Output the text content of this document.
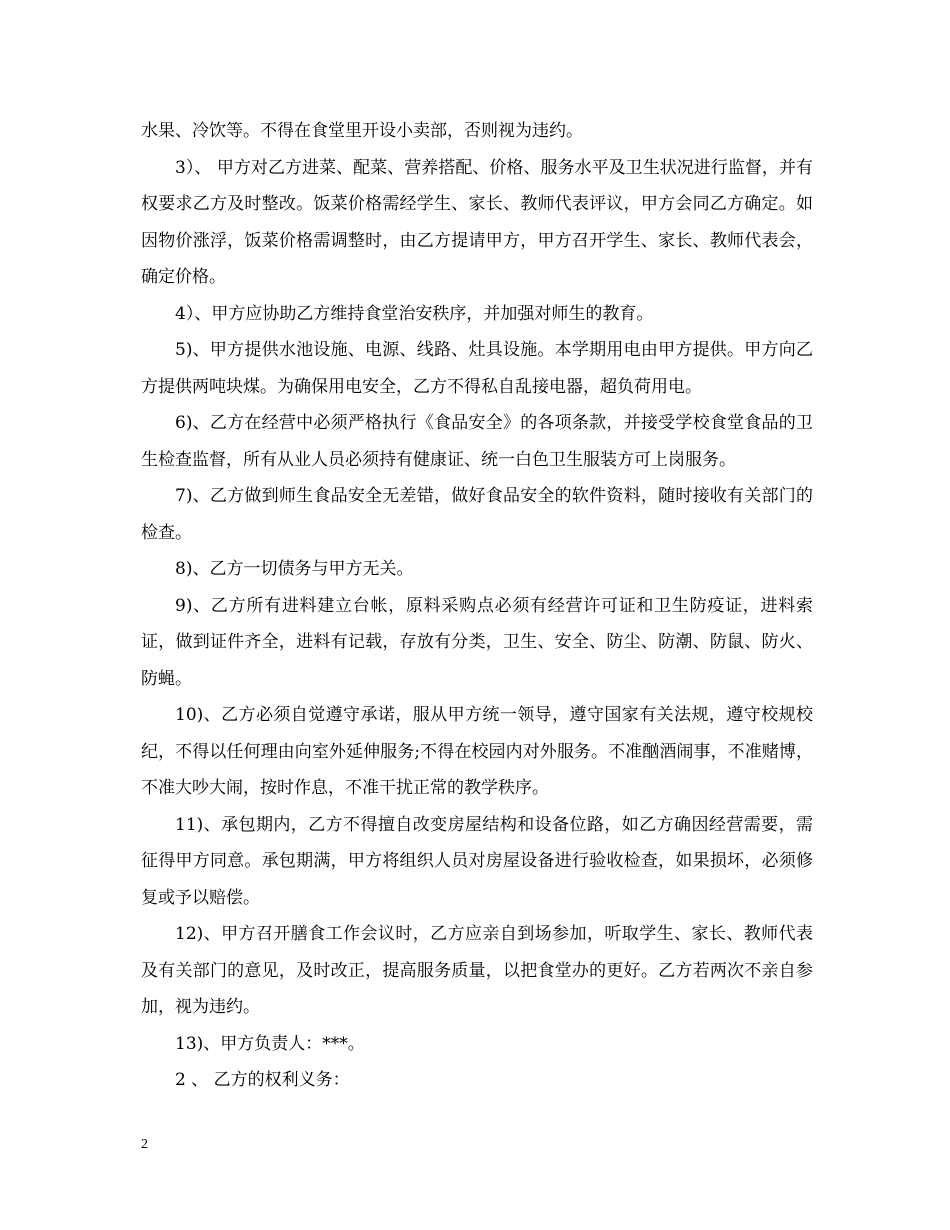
水果、冷饮等。不得在食堂里开设小卖部，否则视为违约。

3）、 甲方对乙方进菜、配菜、营养搭配、价格、服务水平及卫生状况进行监督，并有权要求乙方及时整改。饭菜价格需经学生、家长、教师代表评议，甲方会同乙方确定。如因物价涨浮，饭菜价格需调整时，由乙方提请甲方，甲方召开学生、家长、教师代表会，确定价格。

4）、甲方应协助乙方维持食堂治安秩序，并加强对师生的教育。

5)、甲方提供水池设施、电源、线路、灶具设施。本学期用电由甲方提供。甲方向乙方提供两吨块煤。为确保用电安全，乙方不得私自乱接电器，超负荷用电。

6)、乙方在经营中必须严格执行《食品安全》的各项条款，并接受学校食堂食品的卫生检查监督，所有从业人员必须持有健康证、统一白色卫生服装方可上岗服务。

7)、乙方做到师生食品安全无差错，做好食品安全的软件资料，随时接收有关部门的检查。

8)、乙方一切债务与甲方无关。

9)、乙方所有进料建立台帐，原料采购点必须有经营许可证和卫生防疫证，进料索证，做到证件齐全，进料有记载，存放有分类，卫生、安全、防尘、防潮、防鼠、防火、防蝇。

10)、乙方必须自觉遵守承诺，服从甲方统一领导，遵守国家有关法规，遵守校规校纪，不得以任何理由向室外延伸服务;不得在校园内对外服务。不准酗酒闹事，不准赌博，不准大吵大闹，按时作息，不准干扰正常的教学秩序。

11)、承包期内，乙方不得擅自改变房屋结构和设备位路，如乙方确因经营需要，需征得甲方同意。承包期满，甲方将组织人员对房屋设备进行验收检查，如果损坏，必须修复或予以赔偿。

12)、甲方召开膳食工作会议时，乙方应亲自到场参加，听取学生、家长、教师代表及有关部门的意见，及时改正，提高服务质量，以把食堂办的更好。乙方若两次不亲自参加，视为违约。

13)、甲方负责人：***。

2 、 乙方的权利义务：

2
